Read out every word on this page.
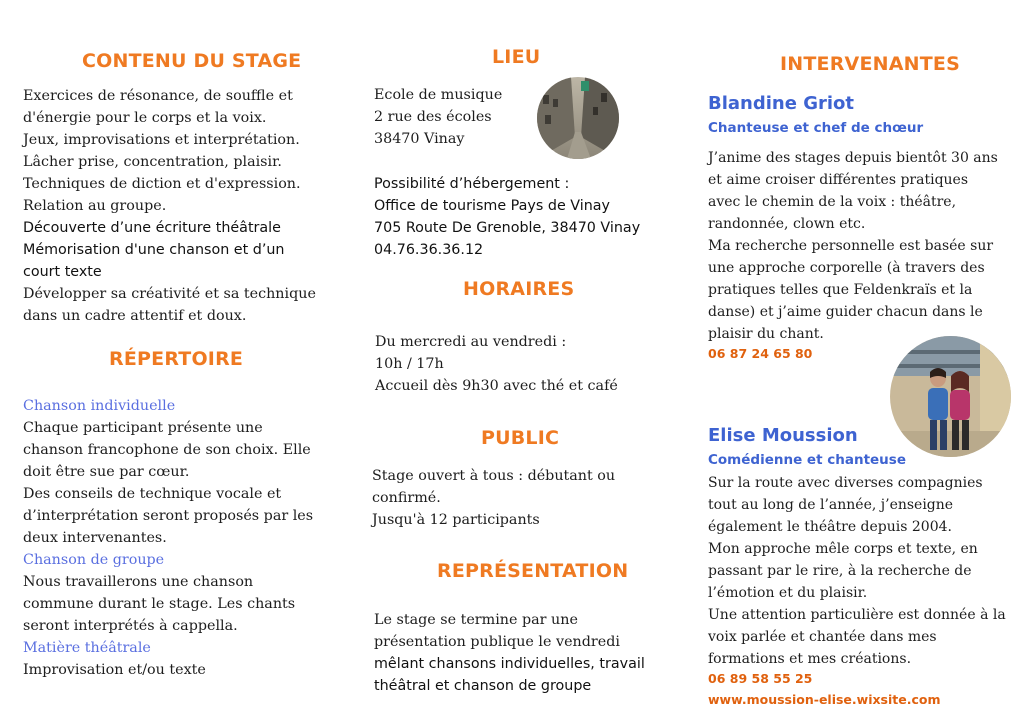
CONTENU DU STAGE
Exercices de résonance, de souffle et
d'énergie pour le corps et la voix.
Jeux, improvisations et interprétation.
Lâcher prise, concentration, plaisir.
Techniques de diction et d'expression.
Relation au groupe.
Découverte d’une écriture théâtrale
Mémorisation d'une chanson et d’un
court texte
Développer sa créativité et sa technique
dans un cadre attentif et doux.
RÉPERTOIRE
Chanson individuelle
Chaque participant présente une
chanson francophone de son choix. Elle
doit être sue par cœur.
Des conseils de technique vocale et
d’interprétation seront proposés par les
deux intervenantes.
Chanson de groupe
Nous travaillerons une chanson
commune durant le stage. Les chants
seront interprétés à cappella.
Matière théâtrale
Improvisation et/ou texte
LIEU
Ecole de musique
2 rue des écoles
38470 Vinay
Possibilité d’hébergement :
Office de tourisme Pays de Vinay
705 Route De Grenoble, 38470 Vinay
04.76.36.36.12
HORAIRES
Du mercredi au vendredi :
10h / 17h
Accueil dès 9h30 avec thé et café
PUBLIC
Stage ouvert à tous : débutant ou
confirmé.
Jusqu'à 12 participants
REPRÉSENTATION
Le stage se termine par une
présentation publique le vendredi
mêlant chansons individuelles, travail
théâtral et chanson de groupe
INTERVENANTES
Blandine Griot
Chanteuse et chef de chœur
J’anime des stages depuis bientôt 30 ans
et aime croiser différentes pratiques
avec le chemin de la voix : théâtre,
randonnée, clown etc.
Ma recherche personnelle est basée sur
une approche corporelle (à travers des
pratiques telles que Feldenkraïs et la
danse) et j’aime guider chacun dans le
plaisir du chant.
06 87 24 65 80
Elise Moussion
Comédienne et chanteuse
Sur la route avec diverses compagnies
tout au long de l’année, j’enseigne
également le théâtre depuis 2004.
Mon approche mêle corps et texte, en
passant par le rire, à la recherche de
l’émotion et du plaisir.
Une attention particulière est donnée à la
voix parlée et chantée dans mes
formations et mes créations.
06 89 58 55 25
www.moussion-elise.wixsite.com
